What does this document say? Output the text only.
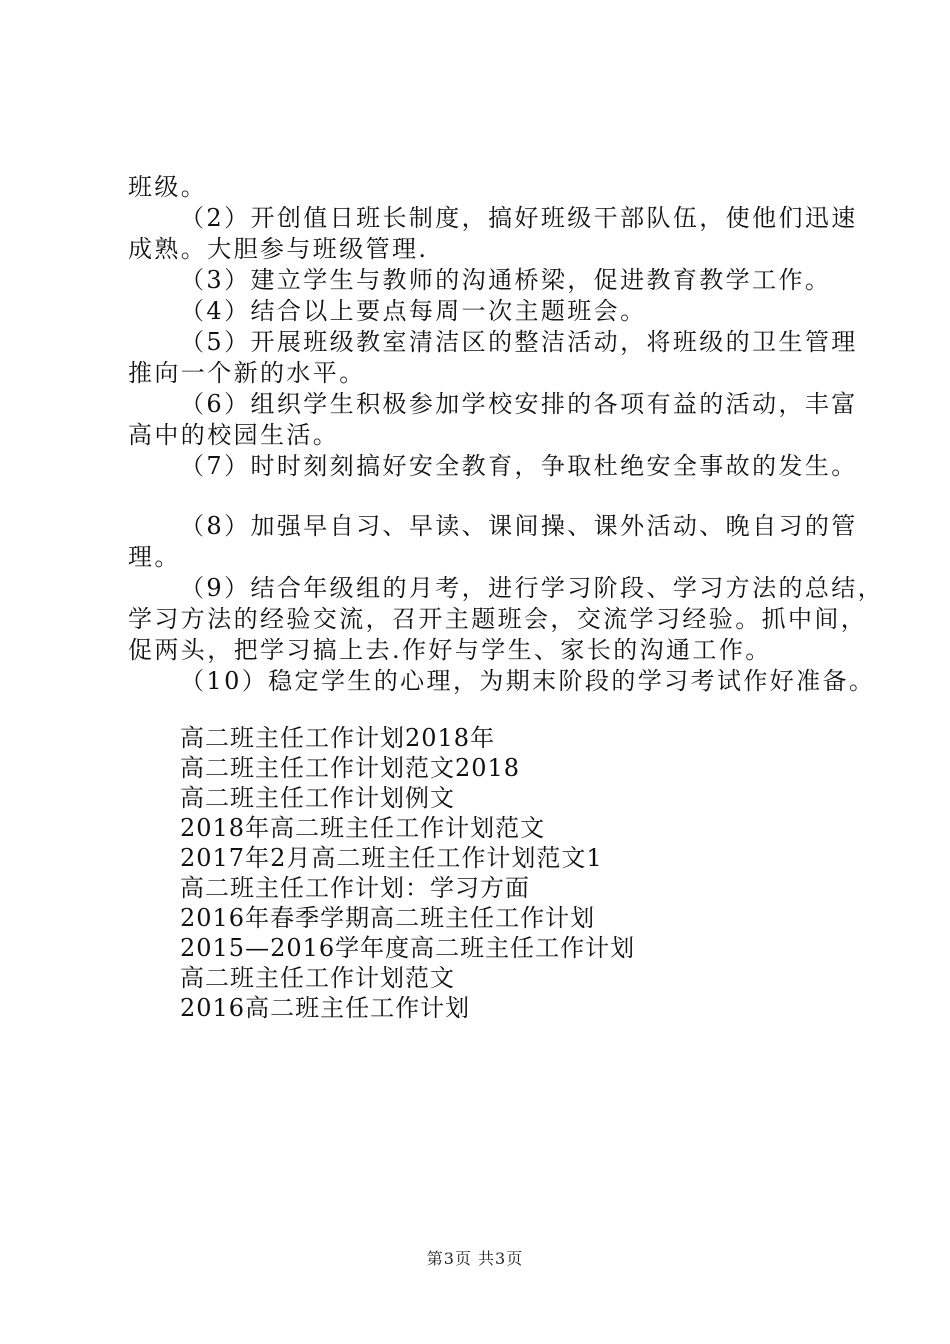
班级。

（2）开创值日班长制度，搞好班级干部队伍，使他们迅速

成熟。大胆参与班级管理.

（3）建立学生与教师的沟通桥梁，促进教育教学工作。

（4）结合以上要点每周一次主题班会。

（5）开展班级教室清洁区的整洁活动，将班级的卫生管理

推向一个新的水平。

（6）组织学生积极参加学校安排的各项有益的活动，丰富

高中的校园生活。

（7）时时刻刻搞好安全教育，争取杜绝安全事故的发生。

（8）加强早自习、早读、课间操、课外活动、晚自习的管

理。

（9）结合年级组的月考，进行学习阶段、学习方法的总结，

学习方法的经验交流，召开主题班会，交流学习经验。抓中间，

促两头，把学习搞上去.作好与学生、家长的沟通工作。

（10）稳定学生的心理，为期末阶段的学习考试作好准备。

高二班主任工作计划2018年
高二班主任工作计划范文2018
高二班主任工作计划例文
2018年高二班主任工作计划范文
2017年2月高二班主任工作计划范文1
高二班主任工作计划：学习方面
2016年春季学期高二班主任工作计划
2015—2016学年度高二班主任工作计划
高二班主任工作计划范文
2016高二班主任工作计划
第3页 共3页
